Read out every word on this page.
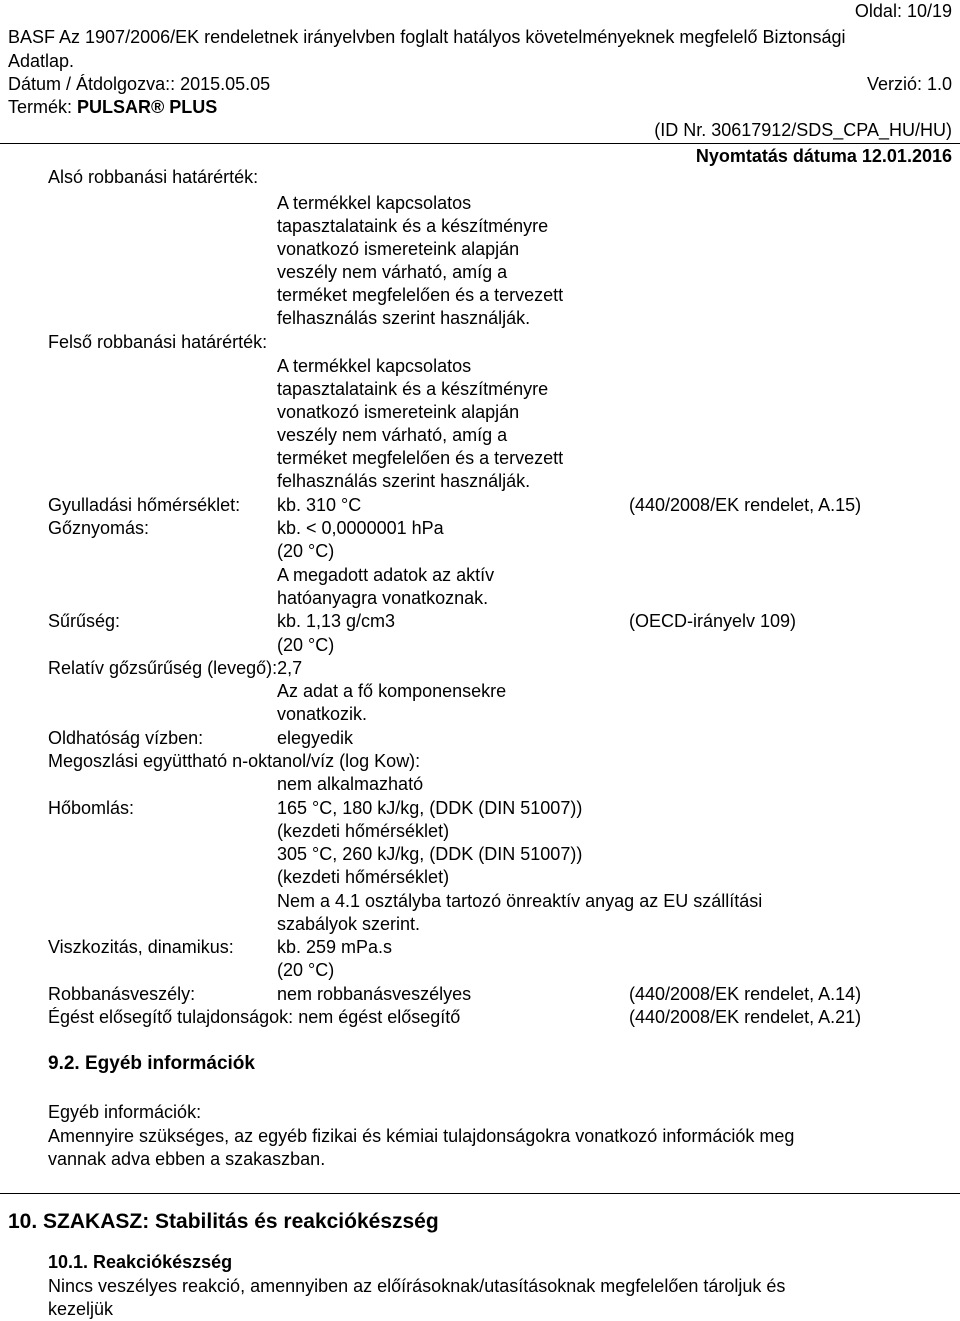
Oldal: 10/19
BASF Az 1907/2006/EK rendeletnek irányelvben foglalt hatályos követelményeknek megfelelő Biztonsági
Adatlap.
Dátum / Átdolgozva:: 2015.05.05	Verzió: 1.0
Termék: PULSAR® PLUS
(ID Nr. 30617912/SDS_CPA_HU/HU)
Nyomtatás dátuma 12.01.2016
Alsó robbanási határérték:
A termékkel kapcsolatos
tapasztalataink és a készítményre
vonatkozó ismereteink alapján
veszély nem várható, amíg a
terméket megfelelően és a tervezett
felhasználás szerint használják.
Felső robbanási határérték:
A termékkel kapcsolatos
tapasztalataink és a készítményre
vonatkozó ismereteink alapján
veszély nem várható, amíg a
terméket megfelelően és a tervezett
felhasználás szerint használják.
Gyulladási hőmérséklet: kb. 310 °C	(440/2008/EK rendelet, A.15)
Gőznyomás:	kb. < 0,0000001 hPa
(20 °C)
A megadott adatok az aktív
hatóanyagra vonatkoznak.
Sűrűség:	kb. 1,13 g/cm3	(OECD-irányelv 109)
(20 °C)
Relatív gőzsűrűség (levegő):2,7
Az adat a fő komponensekre
vonatkozik.
Oldhatóság vízben:	elegyedik
Megoszlási együttható n-oktanol/víz (log Kow):
nem alkalmazható
Hőbomlás:	165 °C, 180 kJ/kg, (DDK (DIN 51007))
(kezdeti hőmérséklet)
305 °C, 260 kJ/kg, (DDK (DIN 51007))
(kezdeti hőmérséklet)
Nem a 4.1 osztályba tartozó önreaktív anyag az EU szállítási
szabályok szerint.
Viszkozitás, dinamikus: kb. 259 mPa.s
(20 °C)
Robbanásveszély:	nem robbanásveszélyes	(440/2008/EK rendelet, A.14)
Égést elősegítő tulajdonságok: nem égést elősegítő	(440/2008/EK rendelet, A.21)
9.2. Egyéb információk
Egyéb információk:
Amennyire szükséges, az egyéb fizikai és kémiai tulajdonságokra vonatkozó információk meg
vannak adva ebben a szakaszban.
10. SZAKASZ: Stabilitás és reakciókészség
10.1. Reakciókészség
Nincs veszélyes reakció, amennyiben az előírásoknak/utasításoknak megfelelően tároljuk és
kezeljük
